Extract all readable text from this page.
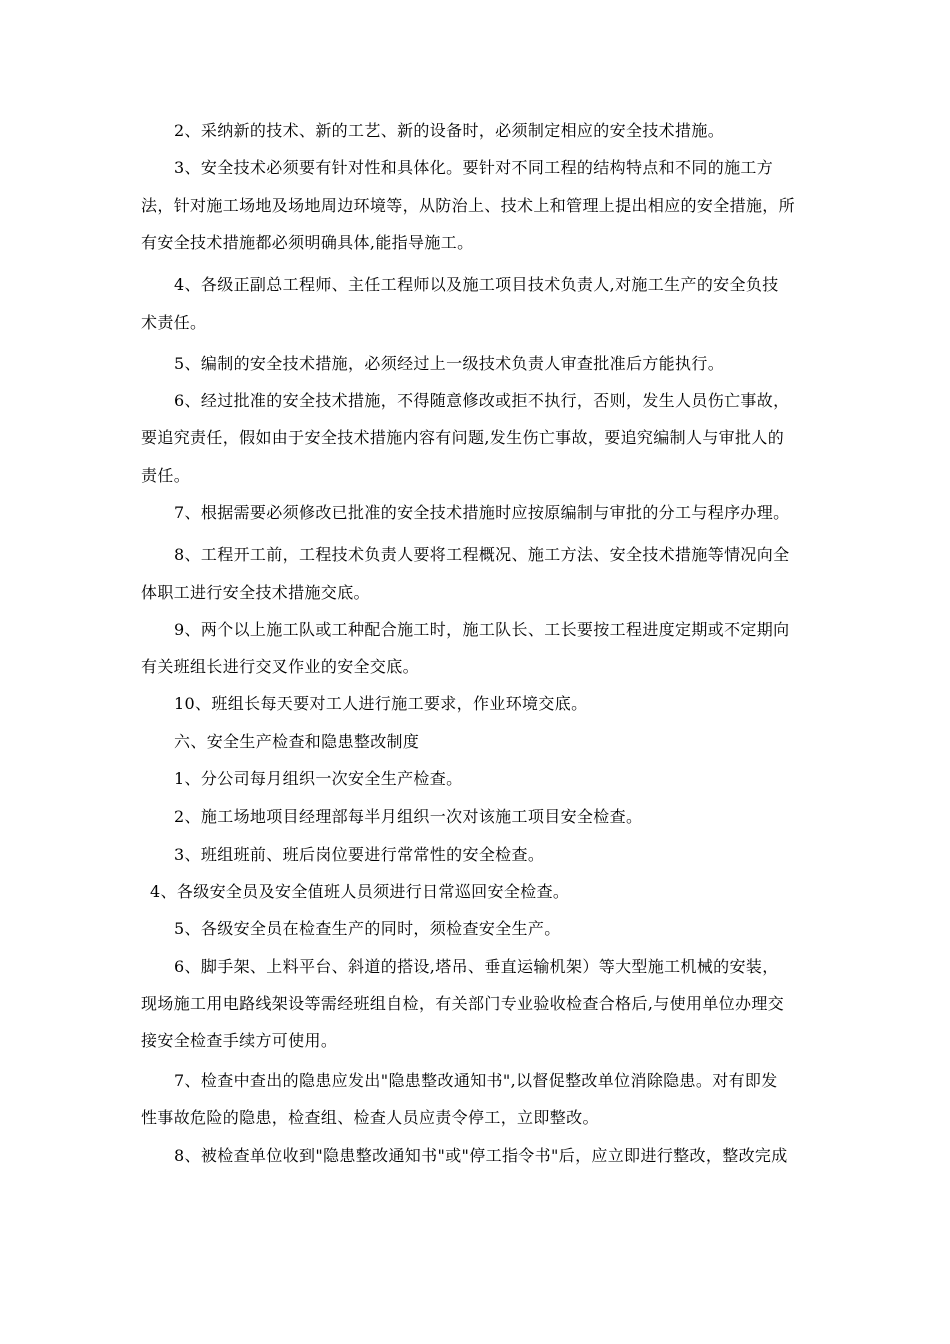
2、采纳新的技术、新的工艺、新的设备时，必须制定相应的安全技术措施。
3、安全技术必须要有针对性和具体化。要针对不同工程的结构特点和不同的施工方
法，针对施工场地及场地周边环境等，从防治上、技术上和管理上提出相应的安全措施，所
有安全技术措施都必须明确具体,能指导施工。
4、各级正副总工程师、主任工程师以及施工项目技术负责人,对施工生产的安全负技
术责任。
5、编制的安全技术措施，必须经过上一级技术负责人审查批准后方能执行。
6、经过批准的安全技术措施，不得随意修改或拒不执行，否则，发生人员伤亡事故，
要追究责任，假如由于安全技术措施内容有问题,发生伤亡事故，要追究编制人与审批人的
责任。
7、根据需要必须修改已批准的安全技术措施时应按原编制与审批的分工与程序办理。
8、工程开工前，工程技术负责人要将工程概况、施工方法、安全技术措施等情况向全
体职工进行安全技术措施交底。
9、两个以上施工队或工种配合施工时，施工队长、工长要按工程进度定期或不定期向
有关班组长进行交叉作业的安全交底。
10、班组长每天要对工人进行施工要求，作业环境交底。
六、安全生产检查和隐患整改制度
1、分公司每月组织一次安全生产检查。
2、施工场地项目经理部每半月组织一次对该施工项目安全检查。
3、班组班前、班后岗位要进行常常性的安全检查。
4、各级安全员及安全值班人员须进行日常巡回安全检查。
5、各级安全员在检查生产的同时，须检查安全生产。
6、脚手架、上料平台、斜道的搭设,塔吊、垂直运输机架）等大型施工机械的安装，
现场施工用电路线架设等需经班组自检，有关部门专业验收检查合格后,与使用单位办理交
接安全检查手续方可使用。
7、检查中查出的隐患应发出"隐患整改通知书",以督促整改单位消除隐患。对有即发
性事故危险的隐患，检查组、检查人员应责令停工，立即整改。
8、被检查单位收到"隐患整改通知书"或"停工指令书"后，应立即进行整改，整改完成
